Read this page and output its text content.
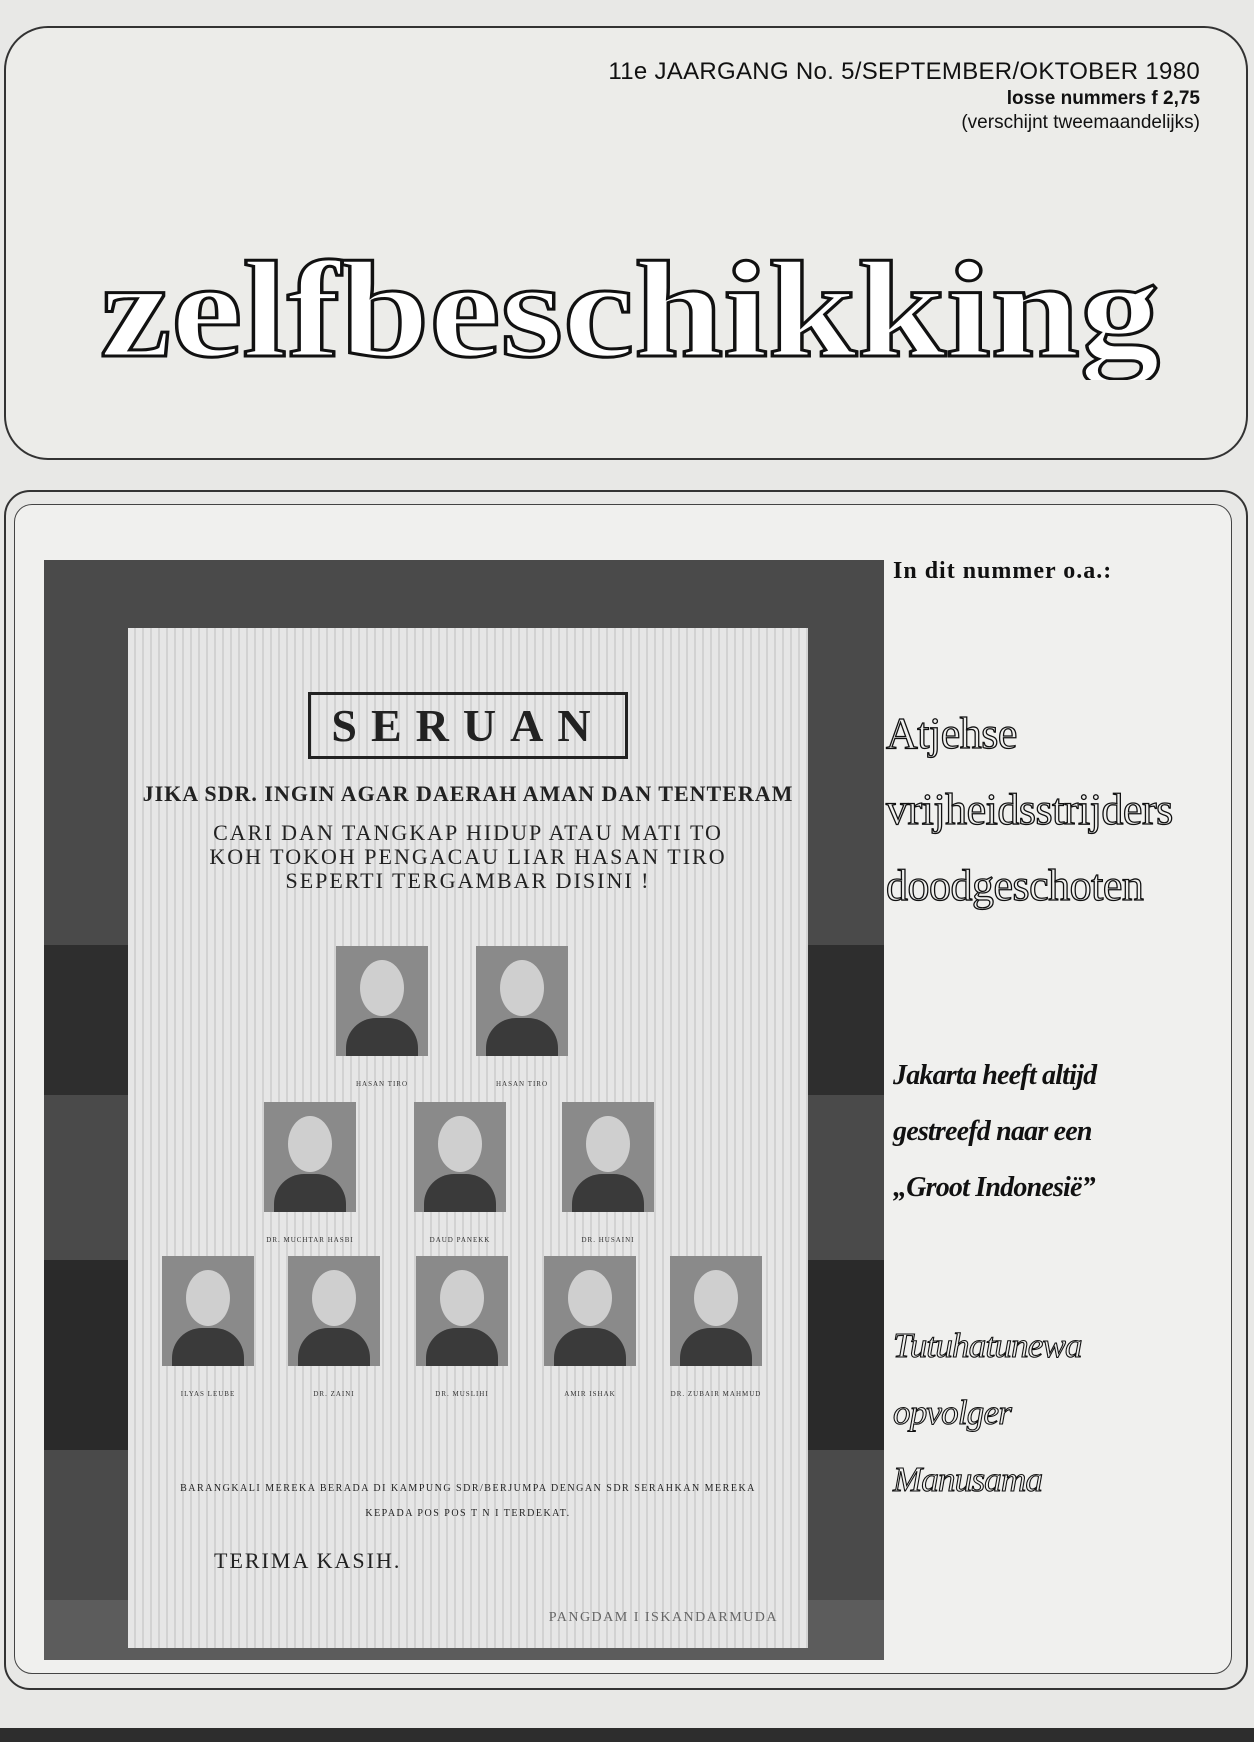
11e JAARGANG No. 5/SEPTEMBER/OKTOBER 1980
losse nummers f 2,75
(verschijnt tweemaandelijks)
zelfbeschikking
SERUAN
JIKA SDR. INGIN AGAR DAERAH AMAN DAN TENTERAM
CARI DAN TANGKAP HIDUP ATAU MATI TO
KOH TOKOH PENGACAU LIAR HASAN TIRO
SEPERTI TERGAMBAR DISINI !
HASAN TIRO	HASAN TIRO
DR. MUCHTAR HASBI	DAUD PANEKK	DR. HUSAINI
ILYAS LEUBE	DR. ZAINI	DR. MUSLIHI	AMIR ISHAK	DR. ZUBAIR MAHMUD
BARANGKALI MEREKA BERADA DI KAMPUNG SDR/BERJUMPA DENGAN SDR SERAHKAN MEREKA
KEPADA POS POS T N I TERDEKAT.
TERIMA KASIH.
PANGDAM I ISKANDARMUDA
In dit nummer o.a.:
Atjehse
vrijheidsstrijders
doodgeschoten
Jakarta heeft altijd
gestreefd naar een
„Groot Indonesië”
Tutuhatunewa
opvolger
Manusama
